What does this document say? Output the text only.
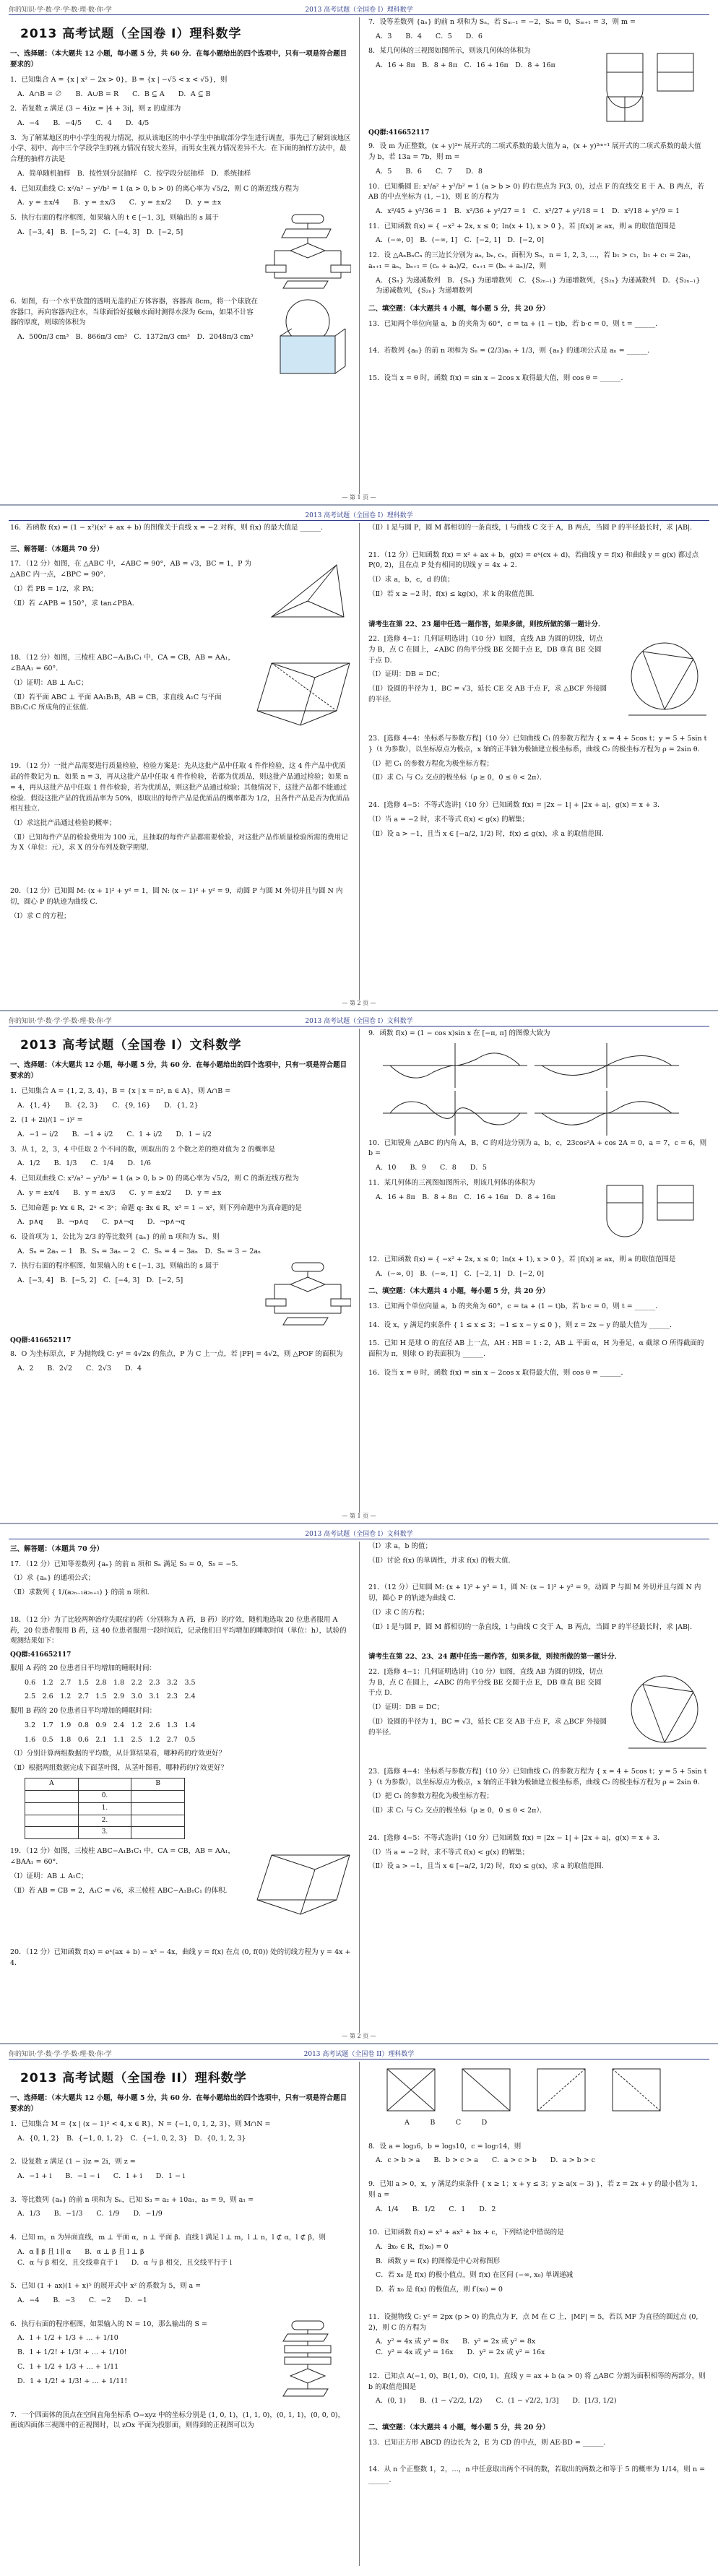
你的知识·学·数·学·学·数·理·数·你·学	2013 高考试题（全国卷 I）理科数学
2013 高考试题（全国卷 I）理科数学
一、选择题：（本大题共 12 小题，每小题 5 分，共 60 分．在每小题给出的四个选项中，只有一项是符合题目要求的）
1．已知集合 A = {x | x² − 2x > 0}，B = {x | −√5 < x < √5}，则
A．A∩B = ∅　　B．A∪B = R　　C．B ⊆ A　　D．A ⊆ B
2．若复数 z 满足 (3 − 4i)z = |4 + 3i|，则 z 的虚部为
A．−4　　B．−4/5　　C．4　　D．4/5
3．为了解某地区的中小学生的视力情况，拟从该地区的中小学生中抽取部分学生进行调查，事先已了解到该地区小学、初中、高中三个学段学生的视力情况有较大差异，而男女生视力情况差异不大．在下面的抽样方法中，最合理的抽样方法是
A．简单随机抽样　B．按性别分层抽样　C．按学段分层抽样　D．系统抽样
4．已知双曲线 C: x²/a² − y²/b² = 1 (a > 0, b > 0) 的离心率为 √5/2，则 C 的渐近线方程为
A．y = ±x/4　　B．y = ±x/3　　C．y = ±x/2　　D．y = ±x
5．执行右面的程序框图，如果输入的 t ∈ [−1, 3]，则输出的 s 属于
A．[−3, 4]　B．[−5, 2]　C．[−4, 3]　D．[−2, 5]
6．如图，有一个水平放置的透明无盖的正方体容器，容器高 8cm，将一个球放在容器口，再向容器内注水，当球面恰好接触水面时测得水深为 6cm，如果不计容器的厚度，则球的体积为
A．500π/3 cm³　B．866π/3 cm³　C．1372π/3 cm³　D．2048π/3 cm³
7．设等差数列 {aₙ} 的前 n 项和为 Sₙ，若 Sₘ₋₁ = −2，Sₘ = 0，Sₘ₊₁ = 3，则 m =
A．3　　B．4　　C．5　　D．6
8．某几何体的三视图如图所示，则该几何体的体积为
A．16 + 8π　B．8 + 8π　C．16 + 16π　D．8 + 16π
QQ群:416652117
9．设 m 为正整数，(x + y)²ᵐ 展开式的二项式系数的最大值为 a，(x + y)²ᵐ⁺¹ 展开式的二项式系数的最大值为 b，若 13a = 7b，则 m =
A．5　　B．6　　C．7　　D．8
10．已知椭圆 E: x²/a² + y²/b² = 1 (a > b > 0) 的右焦点为 F(3, 0)，过点 F 的直线交 E 于 A、B 两点，若 AB 的中点坐标为 (1, −1)，则 E 的方程为
A．x²/45 + y²/36 = 1　B．x²/36 + y²/27 = 1　C．x²/27 + y²/18 = 1　D．x²/18 + y²/9 = 1
11．已知函数 f(x) = { −x² + 2x, x ≤ 0；ln(x + 1), x > 0 }，若 |f(x)| ≥ ax，则 a 的取值范围是
A．(−∞, 0]　B．(−∞, 1]　C．[−2, 1]　D．[−2, 0]
12．设 △AₙBₙCₙ 的三边长分别为 aₙ, bₙ, cₙ，面积为 Sₙ，n = 1, 2, 3, …，若 b₁ > c₁，b₁ + c₁ = 2a₁，aₙ₊₁ = aₙ，bₙ₊₁ = (cₙ + aₙ)/2，cₙ₊₁ = (bₙ + aₙ)/2，则
A．{Sₙ} 为递减数列　B．{Sₙ} 为递增数列　C．{S₂ₙ₋₁} 为递增数列，{S₂ₙ} 为递减数列　D．{S₂ₙ₋₁} 为递减数列，{S₂ₙ} 为递增数列
二、填空题：（本大题共 4 小题，每小题 5 分，共 20 分）
13．已知两个单位向量 a，b 的夹角为 60°，c = ta + (1 − t)b，若 b·c = 0，则 t = ______．
14．若数列 {aₙ} 的前 n 项和为 Sₙ = (2/3)aₙ + 1/3，则 {aₙ} 的通项公式是 aₙ = ______．
15．设当 x = θ 时，函数 f(x) = sin x − 2cos x 取得最大值，则 cos θ = ______．
— 第 1 页 —
2013 高考试题（全国卷 I）理科数学
16．若函数 f(x) = (1 − x²)(x² + ax + b) 的图像关于直线 x = −2 对称，则 f(x) 的最大值是 ______．
三、解答题：（本题共 70 分）
17．（12 分）如图，在 △ABC 中，∠ABC = 90°，AB = √3，BC = 1，P 为 △ABC 内一点，∠BPC = 90°．
（Ⅰ）若 PB = 1/2，求 PA；
（Ⅱ）若 ∠APB = 150°，求 tan∠PBA．
18．（12 分）如图，三棱柱 ABC−A₁B₁C₁ 中，CA = CB，AB = AA₁，∠BAA₁ = 60°．
（Ⅰ）证明：AB ⊥ A₁C；
（Ⅱ）若平面 ABC ⊥ 平面 AA₁B₁B，AB = CB，求直线 A₁C 与平面 BB₁C₁C 所成角的正弦值．
19．（12 分）一批产品需要进行质量检验，检验方案是：先从这批产品中任取 4 件作检验，这 4 件产品中优质品的件数记为 n．如果 n = 3，再从这批产品中任取 4 件作检验，若都为优质品，则这批产品通过检验；如果 n = 4，再从这批产品中任取 1 件作检验，若为优质品，则这批产品通过检验；其他情况下，这批产品都不能通过检验．假设这批产品的优质品率为 50%，即取出的每件产品是优质品的概率都为 1/2，且各件产品是否为优质品相互独立．
（Ⅰ）求这批产品通过检验的概率；
（Ⅱ）已知每件产品的检验费用为 100 元，且抽取的每件产品都需要检验，对这批产品作质量检验所需的费用记为 X（单位：元），求 X 的分布列及数学期望．
20．（12 分）已知圆 M: (x + 1)² + y² = 1，圆 N: (x − 1)² + y² = 9，动圆 P 与圆 M 外切并且与圆 N 内切，圆心 P 的轨迹为曲线 C．
（Ⅰ）求 C 的方程；
（Ⅱ）l 是与圆 P，圆 M 都相切的一条直线，l 与曲线 C 交于 A，B 两点，当圆 P 的半径最长时，求 |AB|．
21．（12 分）已知函数 f(x) = x² + ax + b，g(x) = eˣ(cx + d)，若曲线 y = f(x) 和曲线 y = g(x) 都过点 P(0, 2)，且在点 P 处有相同的切线 y = 4x + 2．
（Ⅰ）求 a，b，c，d 的值；
（Ⅱ）若 x ≥ −2 时，f(x) ≤ kg(x)，求 k 的取值范围．
请考生在第 22、23 题中任选一题作答，如果多做，则按所做的第一题计分．
22．[选修 4−1：几何证明选讲]（10 分）如图，直线 AB 为圆的切线，切点为 B，点 C 在圆上，∠ABC 的角平分线 BE 交圆于点 E，DB 垂直 BE 交圆于点 D．
（Ⅰ）证明：DB = DC；
（Ⅱ）设圆的半径为 1，BC = √3，延长 CE 交 AB 于点 F，求 △BCF 外接圆的半径．
23．[选修 4−4：坐标系与参数方程]（10 分）已知曲线 C₁ 的参数方程为 { x = 4 + 5cos t；y = 5 + 5sin t }（t 为参数），以坐标原点为极点，x 轴的正半轴为极轴建立极坐标系，曲线 C₂ 的极坐标方程为 ρ = 2sin θ．
（Ⅰ）把 C₁ 的参数方程化为极坐标方程；
（Ⅱ）求 C₁ 与 C₂ 交点的极坐标（ρ ≥ 0，0 ≤ θ < 2π）．
24．[选修 4−5：不等式选讲]（10 分）已知函数 f(x) = |2x − 1| + |2x + a|，g(x) = x + 3．
（Ⅰ）当 a = −2 时，求不等式 f(x) < g(x) 的解集；
（Ⅱ）设 a > −1，且当 x ∈ [−a/2, 1/2) 时，f(x) ≤ g(x)，求 a 的取值范围．
— 第 2 页 —
你的知识·学·数·学·学·数·理·数·你·学	2013 高考试题（全国卷 I）文科数学
2013 高考试题（全国卷 I）文科数学
一、选择题：（本大题共 12 小题，每小题 5 分，共 60 分．在每小题给出的四个选项中，只有一项是符合题目要求的）
1．已知集合 A = {1, 2, 3, 4}，B = {x | x = n², n ∈ A}，则 A∩B =
A．{1, 4}　　B．{2, 3}　　C．{9, 16}　　D．{1, 2}
2．(1 + 2i)/(1 − i)² =
A．−1 − i/2　　B．−1 + i/2　　C．1 + i/2　　D．1 − i/2
3．从 1，2，3，4 中任取 2 个不同的数，则取出的 2 个数之差的绝对值为 2 的概率是
A．1/2　　B．1/3　　C．1/4　　D．1/6
4．已知双曲线 C: x²/a² − y²/b² = 1 (a > 0, b > 0) 的离心率为 √5/2，则 C 的渐近线方程为
A．y = ±x/4　　B．y = ±x/3　　C．y = ±x/2　　D．y = ±x
5．已知命题 p: ∀x ∈ R，2ˣ < 3ˣ；命题 q: ∃x ∈ R，x³ = 1 − x²，则下列命题中为真命题的是
A．p∧q　　B．¬p∧q　　C．p∧¬q　　D．¬p∧¬q
6．设首项为 1，公比为 2/3 的等比数列 {aₙ} 的前 n 项和为 Sₙ，则
A．Sₙ = 2aₙ − 1　B．Sₙ = 3aₙ − 2　C．Sₙ = 4 − 3aₙ　D．Sₙ = 3 − 2aₙ
7．执行右面的程序框图，如果输入的 t ∈ [−1, 3]，则输出的 s 属于
A．[−3, 4]　B．[−5, 2]　C．[−4, 3]　D．[−2, 5]
QQ群:416652117
8．O 为坐标原点，F 为抛物线 C: y² = 4√2x 的焦点，P 为 C 上一点，若 |PF| = 4√2，则 △POF 的面积为
A．2　　B．2√2　　C．2√3　　D．4
9．函数 f(x) = (1 − cos x)sin x 在 [−π, π] 的图像大致为
10．已知锐角 △ABC 的内角 A，B，C 的对边分别为 a，b，c，23cos²A + cos 2A = 0，a = 7，c = 6，则 b =
A．10　　B．9　　C．8　　D．5
11．某几何体的三视图如图所示，则该几何体的体积为
A．16 + 8π　B．8 + 8π　C．16 + 16π　D．8 + 16π
12．已知函数 f(x) = { −x² + 2x, x ≤ 0；ln(x + 1), x > 0 }，若 |f(x)| ≥ ax，则 a 的取值范围是
A．(−∞, 0]　B．(−∞, 1]　C．[−2, 1]　D．[−2, 0]
二、填空题：（本大题共 4 小题，每小题 5 分，共 20 分）
13．已知两个单位向量 a，b 的夹角为 60°，c = ta + (1 − t)b，若 b·c = 0，则 t = ______．
14．设 x，y 满足约束条件 { 1 ≤ x ≤ 3；−1 ≤ x − y ≤ 0 }，则 z = 2x − y 的最大值为 ______．
15．已知 H 是球 O 的直径 AB 上一点，AH : HB = 1 : 2，AB ⊥ 平面 α，H 为垂足，α 截球 O 所得截面的面积为 π，则球 O 的表面积为 ______．
16．设当 x = θ 时，函数 f(x) = sin x − 2cos x 取得最大值，则 cos θ = ______．
— 第 1 页 —
2013 高考试题（全国卷 I）文科数学
三、解答题：（本题共 70 分）
17．（12 分）已知等差数列 {aₙ} 的前 n 项和 Sₙ 满足 S₃ = 0，S₅ = −5．
（Ⅰ）求 {aₙ} 的通项公式；
（Ⅱ）求数列 { 1/(a₂ₙ₋₁a₂ₙ₊₁) } 的前 n 项和．
18．（12 分）为了比较两种治疗失眠症的药（分别称为 A 药，B 药）的疗效，随机地选取 20 位患者服用 A 药，20 位患者服用 B 药，这 40 位患者服用一段时间后，记录他们日平均增加的睡眠时间（单位：h），试验的观测结果如下：
QQ群:416652117
服用 A 药的 20 位患者日平均增加的睡眠时间：
0.6　1.2　2.7　1.5　2.8　1.8　2.2　2.3　3.2　3.5
2.5　2.6　1.2　2.7　1.5　2.9　3.0　3.1　2.3　2.4
服用 B 药的 20 位患者日平均增加的睡眠时间：
3.2　1.7　1.9　0.8　0.9　2.4　1.2　2.6　1.3　1.4
1.6　0.5　1.8　0.6　2.1　1.1　2.5　1.2　2.7　0.5
（Ⅰ）分别计算两组数据的平均数，从计算结果看，哪种药的疗效更好？
（Ⅱ）根据两组数据完成下面茎叶图，从茎叶图看，哪种药的疗效更好？
A	B
0.
1.
2.
3.
19．（12 分）如图，三棱柱 ABC−A₁B₁C₁ 中，CA = CB，AB = AA₁，∠BAA₁ = 60°．
（Ⅰ）证明：AB ⊥ A₁C；
（Ⅱ）若 AB = CB = 2，A₁C = √6，求三棱柱 ABC−A₁B₁C₁ 的体积．
20．（12 分）已知函数 f(x) = eˣ(ax + b) − x² − 4x，曲线 y = f(x) 在点 (0, f(0)) 处的切线方程为 y = 4x + 4．
（Ⅰ）求 a，b 的值；
（Ⅱ）讨论 f(x) 的单调性，并求 f(x) 的极大值．
21．（12 分）已知圆 M: (x + 1)² + y² = 1，圆 N: (x − 1)² + y² = 9，动圆 P 与圆 M 外切并且与圆 N 内切，圆心 P 的轨迹为曲线 C．
（Ⅰ）求 C 的方程；
（Ⅱ）l 是与圆 P，圆 M 都相切的一条直线，l 与曲线 C 交于 A，B 两点，当圆 P 的半径最长时，求 |AB|．
请考生在第 22、23、24 题中任选一题作答，如果多做，则按所做的第一题计分．
22．[选修 4−1：几何证明选讲]（10 分）如图，直线 AB 为圆的切线，切点为 B，点 C 在圆上，∠ABC 的角平分线 BE 交圆于点 E，DB 垂直 BE 交圆于点 D．
（Ⅰ）证明：DB = DC；
（Ⅱ）设圆的半径为 1，BC = √3，延长 CE 交 AB 于点 F，求 △BCF 外接圆的半径．
23．[选修 4−4：坐标系与参数方程]（10 分）已知曲线 C₁ 的参数方程为 { x = 4 + 5cos t；y = 5 + 5sin t }（t 为参数），以坐标原点为极点，x 轴的正半轴为极轴建立极坐标系，曲线 C₂ 的极坐标方程为 ρ = 2sin θ．
（Ⅰ）把 C₁ 的参数方程化为极坐标方程；
（Ⅱ）求 C₁ 与 C₂ 交点的极坐标（ρ ≥ 0，0 ≤ θ < 2π）．
24．[选修 4−5：不等式选讲]（10 分）已知函数 f(x) = |2x − 1| + |2x + a|，g(x) = x + 3．
（Ⅰ）当 a = −2 时，求不等式 f(x) < g(x) 的解集；
（Ⅱ）设 a > −1，且当 x ∈ [−a/2, 1/2) 时，f(x) ≤ g(x)，求 a 的取值范围．
— 第 2 页 —
你的知识·学·数·学·学·数·理·数·你·学	2013 高考试题（全国卷 II）理科数学
2013 高考试题（全国卷 II）理科数学
一、选择题：（本大题共 12 小题，每小题 5 分，共 60 分．在每小题给出的四个选项中，只有一项是符合题目要求的）
1．已知集合 M = {x | (x − 1)² < 4, x ∈ R}，N = {−1, 0, 1, 2, 3}，则 M∩N =
A．{0, 1, 2}　B．{−1, 0, 1, 2}　C．{−1, 0, 2, 3}　D．{0, 1, 2, 3}
2．设复数 z 满足 (1 − i)z = 2i，则 z =
A．−1 + i　　B．−1 − i　　C．1 + i　　D．1 − i
3．等比数列 {aₙ} 的前 n 项和为 Sₙ，已知 S₃ = a₂ + 10a₁，a₅ = 9，则 a₁ =
A．1/3　　B．−1/3　　C．1/9　　D．−1/9
4．已知 m，n 为异面直线，m ⊥ 平面 α，n ⊥ 平面 β．直线 l 满足 l ⊥ m，l ⊥ n，l ⊄ α，l ⊄ β，则
A．α ∥ β 且 l ∥ α　　B．α ⊥ β 且 l ⊥ β
C．α 与 β 相交，且交线垂直于 l　　D．α 与 β 相交，且交线平行于 l
5．已知 (1 + ax)(1 + x)⁵ 的展开式中 x² 的系数为 5，则 a =
A．−4　　B．−3　　C．−2　　D．−1
6．执行右面的程序框图，如果输入的 N = 10，那么输出的 S =
A．1 + 1/2 + 1/3 + … + 1/10
B．1 + 1/2! + 1/3! + … + 1/10!
C．1 + 1/2 + 1/3 + … + 1/11
D．1 + 1/2! + 1/3! + … + 1/11!
7．一个四面体的顶点在空间直角坐标系 O−xyz 中的坐标分别是 (1, 0, 1)，(1, 1, 0)，(0, 1, 1)，(0, 0, 0)，画该四面体三视图中的正视图时，以 zOx 平面为投影面，则得到的正视图可以为
A　　　B　　　C　　　D
8．设 a = log₃6，b = log₅10，c = log₇14，则
A．c > b > a　　B．b > c > a　　C．a > c > b　　D．a > b > c
9．已知 a > 0，x，y 满足约束条件 { x ≥ 1；x + y ≤ 3；y ≥ a(x − 3) }，若 z = 2x + y 的最小值为 1，则 a =
A．1/4　　B．1/2　　C．1　　D．2
10．已知函数 f(x) = x³ + ax² + bx + c，下列结论中错误的是
A．∃x₀ ∈ R，f(x₀) = 0
B．函数 y = f(x) 的图像是中心对称图形
C．若 x₀ 是 f(x) 的极小值点，则 f(x) 在区间 (−∞, x₀) 单调递减
D．若 x₀ 是 f(x) 的极值点，则 f′(x₀) = 0
11．设抛物线 C: y² = 2px (p > 0) 的焦点为 F，点 M 在 C 上，|MF| = 5，若以 MF 为直径的圆过点 (0, 2)，则 C 的方程为
A．y² = 4x 或 y² = 8x　　B．y² = 2x 或 y² = 8x
C．y² = 4x 或 y² = 16x　　D．y² = 2x 或 y² = 16x
12．已知点 A(−1, 0)，B(1, 0)，C(0, 1)，直线 y = ax + b (a > 0) 将 △ABC 分割为面积相等的两部分，则 b 的取值范围是
A．(0, 1)　　B．(1 − √2/2, 1/2)　　C．(1 − √2/2, 1/3]　　D．[1/3, 1/2)
二、填空题：（本大题共 4 小题，每小题 5 分，共 20 分）
13．已知正方形 ABCD 的边长为 2，E 为 CD 的中点，则 AE·BD = ______．
14．从 n 个正整数 1，2，…，n 中任意取出两个不同的数，若取出的两数之和等于 5 的概率为 1/14，则 n = ______．
